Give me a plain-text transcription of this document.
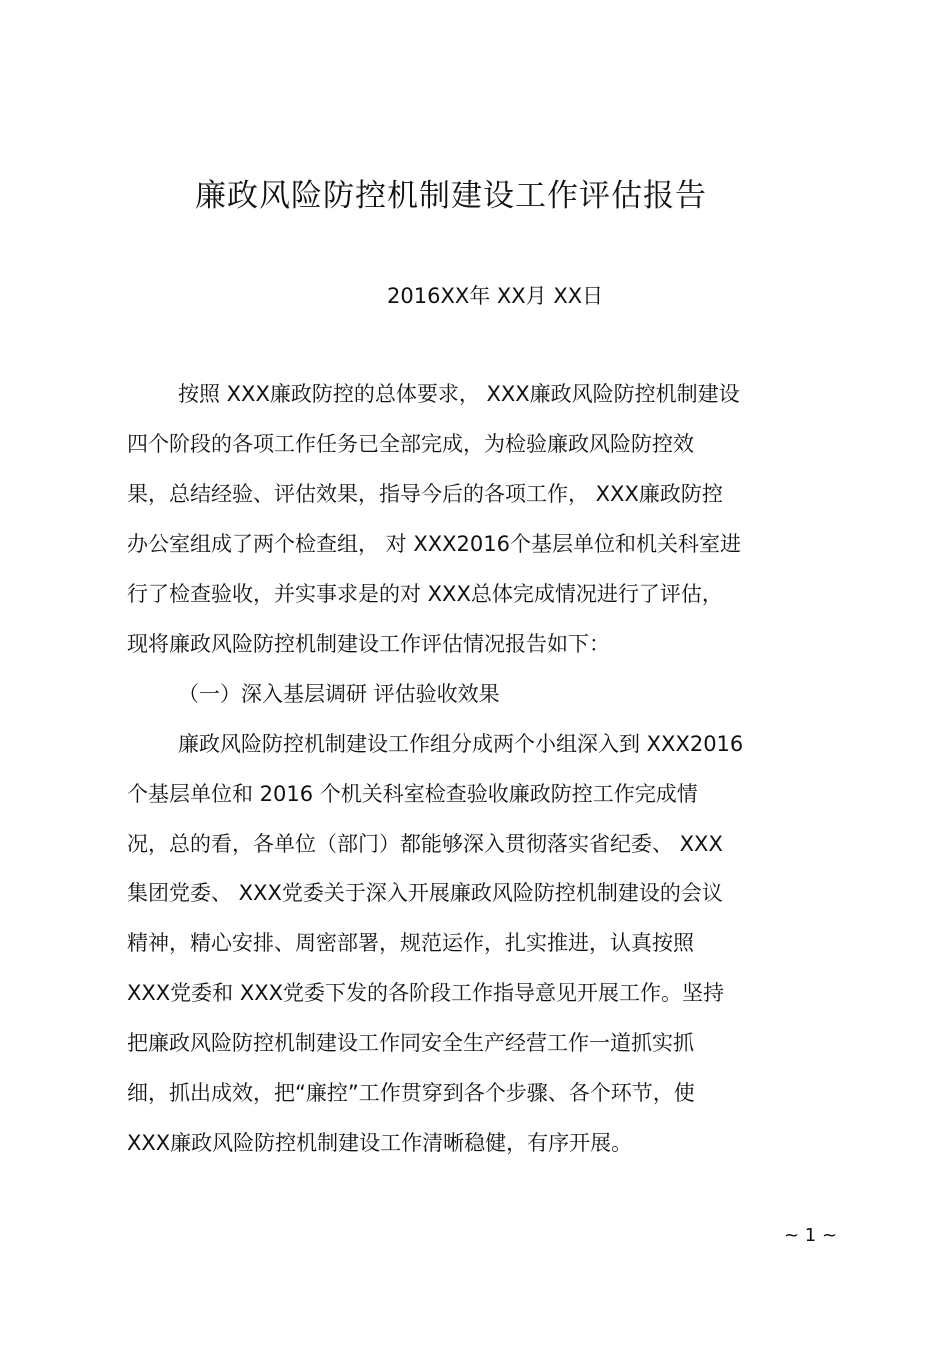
廉政风险防控机制建设工作评估报告
2016XX年 XX月 XX日
按照 XXX廉政防控的总体要求， XXX廉政风险防控机制建设
四个阶段的各项工作任务已全部完成，为检验廉政风险防控效
果，总结经验、评估效果，指导今后的各项工作， XXX廉政防控
办公室组成了两个检查组， 对 XXX2016个基层单位和机关科室进
行了检查验收，并实事求是的对 XXX总体完成情况进行了评估，
现将廉政风险防控机制建设工作评估情况报告如下：
（一）深入基层调研 评估验收效果
廉政风险防控机制建设工作组分成两个小组深入到 XXX2016
个基层单位和 2016 个机关科室检查验收廉政防控工作完成情
况，总的看，各单位（部门）都能够深入贯彻落实省纪委、 XXX
集团党委、 XXX党委关于深入开展廉政风险防控机制建设的会议
精神，精心安排、周密部署，规范运作，扎实推进，认真按照
XXX党委和 XXX党委下发的各阶段工作指导意见开展工作。坚持
把廉政风险防控机制建设工作同安全生产经营工作一道抓实抓
细，抓出成效，把“廉控”工作贯穿到各个步骤、各个环节，使
XXX廉政风险防控机制建设工作清晰稳健，有序开展。
~ 1 ~
